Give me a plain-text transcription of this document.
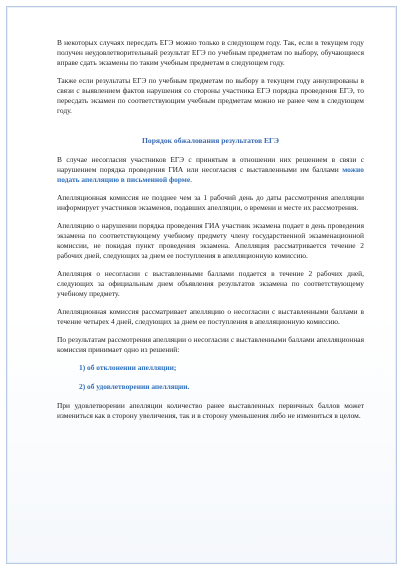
В некоторых случаях пересдать ЕГЭ можно только в следующем году. Так, если в текущем году получен неудовлетворительный результат ЕГЭ по учебным предметам по выбору, обучающиеся вправе сдать экзамены по таким учебным предметам в следующем году.

Также если результаты ЕГЭ по учебным предметам по выбору в текущем году аннулированы в связи с выявлением фактов нарушения со стороны участника ЕГЭ порядка проведения ЕГЭ, то пересдать экзамен по соответствующим учебным предметам можно не ранее чем в следующем году.

Порядок обжалования результатов ЕГЭ

В случае несогласия участников ЕГЭ с принятым в отношении них решением в связи с нарушением порядка проведения ГИА или несогласия с выставленными им баллами можно подать апелляцию в письменной форме.

Апелляционная комиссия не позднее чем за 1 рабочий день до даты рассмотрения апелляции информирует участников экзаменов, подавших апелляции, о времени и месте их рассмотрения.

Апелляцию о нарушении порядка проведения ГИА участник экзамена подает в день проведения экзамена по соответствующему учебному предмету члену государственной экзаменационной комиссии, не покидая пункт проведения экзамена. Апелляция рассматривается течение 2 рабочих дней, следующих за днем ее поступления в апелляционную комиссию.

Апелляция о несогласии с выставленными баллами подается в течение 2 рабочих дней, следующих за официальным днем объявления результатов экзамена по соответствующему учебному предмету.

Апелляционная комиссия рассматривает апелляцию о несогласии с выставленными баллами в течение четырех 4 дней, следующих за днем ее поступления в апелляционную комиссию.

По результатам рассмотрения апелляции о несогласии с выставленными баллами апелляционная комиссия принимает одно из решений:

1) об отклонении апелляции;
2) об удовлетворении апелляции.

При удовлетворении апелляции количество ранее выставленных первичных баллов может измениться как в сторону увеличения, так и в сторону уменьшения либо не измениться в целом.
